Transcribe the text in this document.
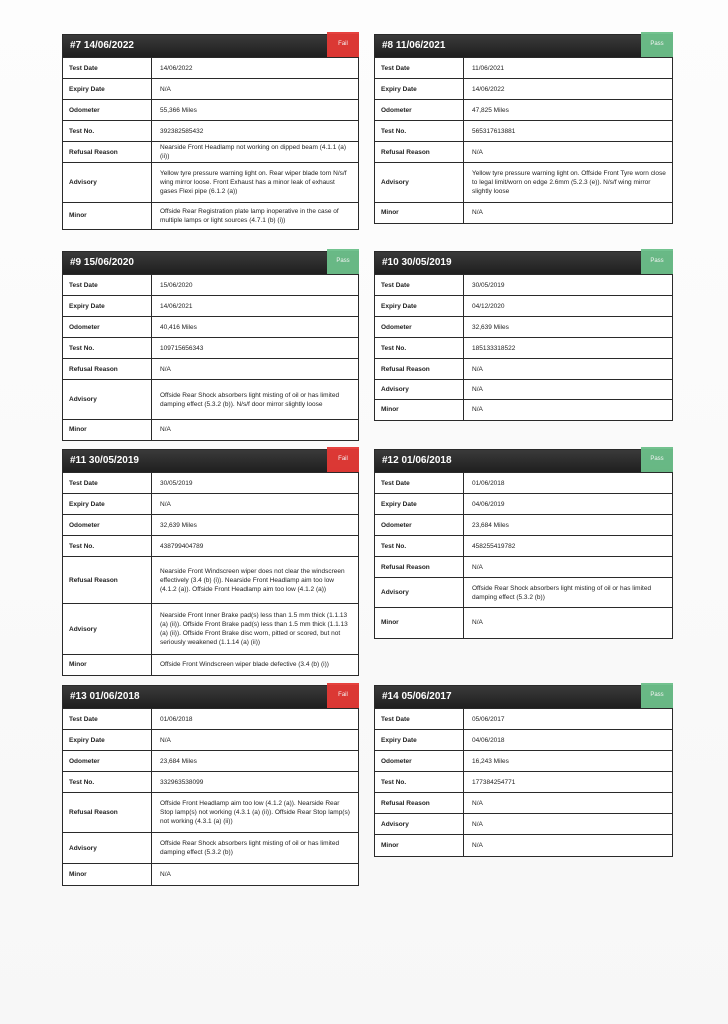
#7 14/06/2022	Fail
Test Date	14/06/2022
Expiry Date	N/A
Odometer	55,366 Miles
Test No.	392382585432
Refusal Reason	Nearside Front Headlamp not working on dipped beam (4.1.1 (a) (ii))
Advisory	Yellow tyre pressure warning light on. Rear wiper blade torn N/s/f wing mirror loose. Front Exhaust has a minor leak of exhaust gases Flexi pipe (6.1.2 (a))
Minor	Offside Rear Registration plate lamp inoperative in the case of multiple lamps or light sources (4.7.1 (b) (i))
#8 11/06/2021	Pass
Test Date	11/06/2021
Expiry Date	14/06/2022
Odometer	47,825 Miles
Test No.	565317613881
Refusal Reason	N/A
Advisory	Yellow tyre pressure warning light on. Offside Front Tyre worn close to legal limit/worn on edge 2.6mm (5.2.3 (e)). N/s/f wing mirror slightly loose
Minor	N/A
#9 15/06/2020	Pass
Test Date	15/06/2020
Expiry Date	14/06/2021
Odometer	40,416 Miles
Test No.	109715656343
Refusal Reason	N/A
Advisory	Offside Rear Shock absorbers light misting of oil or has limited damping effect (5.3.2 (b)). N/s/f door mirror slightly loose
Minor	N/A
#10 30/05/2019	Pass
Test Date	30/05/2019
Expiry Date	04/12/2020
Odometer	32,639 Miles
Test No.	185133318522
Refusal Reason	N/A
Advisory	N/A
Minor	N/A
#11 30/05/2019	Fail
Test Date	30/05/2019
Expiry Date	N/A
Odometer	32,639 Miles
Test No.	438799404789
Refusal Reason	Nearside Front Windscreen wiper does not clear the windscreen effectively (3.4 (b) (i)). Nearside Front Headlamp aim too low (4.1.2 (a)). Offside Front Headlamp aim too low (4.1.2 (a))
Advisory	Nearside Front Inner Brake pad(s) less than 1.5 mm thick (1.1.13 (a) (ii)). Offside Front Brake pad(s) less than 1.5 mm thick (1.1.13 (a) (ii)). Offside Front Brake disc worn, pitted or scored, but not seriously weakened (1.1.14 (a) (ii))
Minor	Offside Front Windscreen wiper blade defective (3.4 (b) (i))
#12 01/06/2018	Pass
Test Date	01/06/2018
Expiry Date	04/06/2019
Odometer	23,684 Miles
Test No.	458255419782
Refusal Reason	N/A
Advisory	Offside Rear Shock absorbers light misting of oil or has limited damping effect (5.3.2 (b))
Minor	N/A
#13 01/06/2018	Fail
Test Date	01/06/2018
Expiry Date	N/A
Odometer	23,684 Miles
Test No.	332963538099
Refusal Reason	Offside Front Headlamp aim too low (4.1.2 (a)). Nearside Rear Stop lamp(s) not working (4.3.1 (a) (ii)). Offside Rear Stop lamp(s) not working (4.3.1 (a) (ii))
Advisory	Offside Rear Shock absorbers light misting of oil or has limited damping effect (5.3.2 (b))
Minor	N/A
#14 05/06/2017	Pass
Test Date	05/06/2017
Expiry Date	04/06/2018
Odometer	16,243 Miles
Test No.	177384254771
Refusal Reason	N/A
Advisory	N/A
Minor	N/A
